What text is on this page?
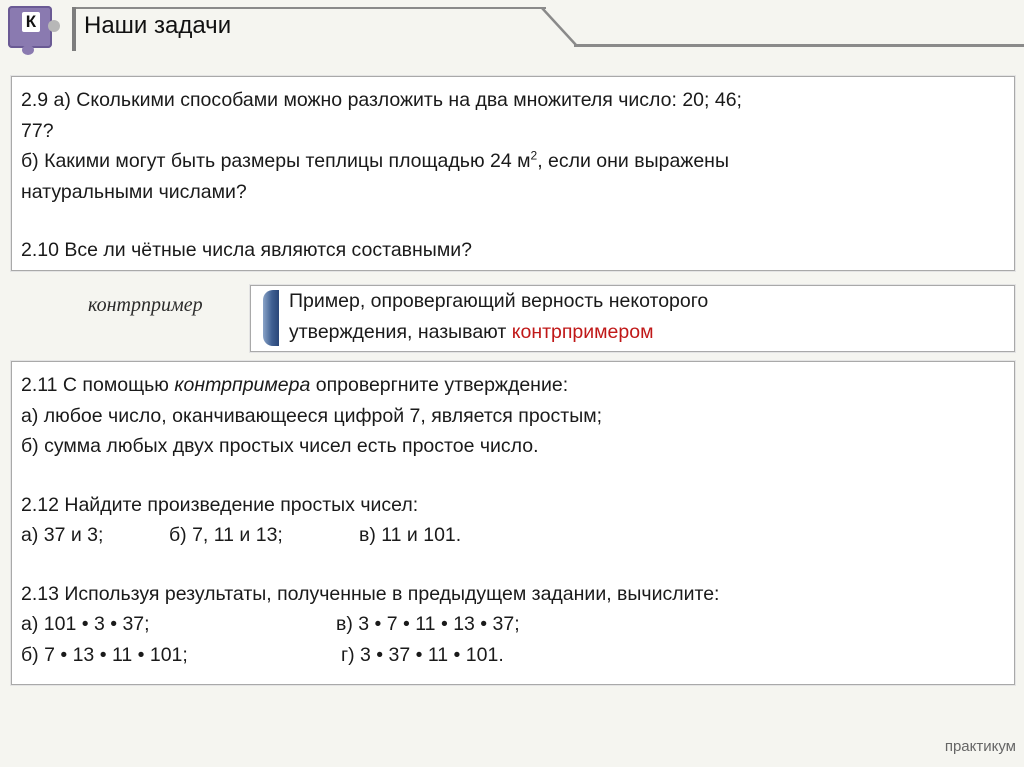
К Наши задачи

2.9 а) Сколькими способами можно разложить на два множителя число: 20; 46;

77?

б) Какими могут быть размеры теплицы площадью 24 $м^2$, если они выражены

натуральными числами?

2.10 Все ли чётные числа являются составными?

контрпример	Пример, опровергающий верность некоторого

утверждения, называют контрпримером

2.11 С помощью контрпримера опровергните утверждение:

а) любое число, оканчивающееся цифрой 7, является простым;

б) сумма любых двух простых чисел есть простое число.

2.12 Найдите произведение простых чисел:

а) 37 и 3;	б) 7, 11 и 13;	в) 11 и 101.

2.13 Используя результаты, полученные в предыдущем задании, вычислите:

а) 101 • 3 • 37;	в) 3 • 7 • 11 • 13 • 37;

б) 7 • 13 • 11 • 101;	г) 3 • 37 • 11 • 101.

практикум
